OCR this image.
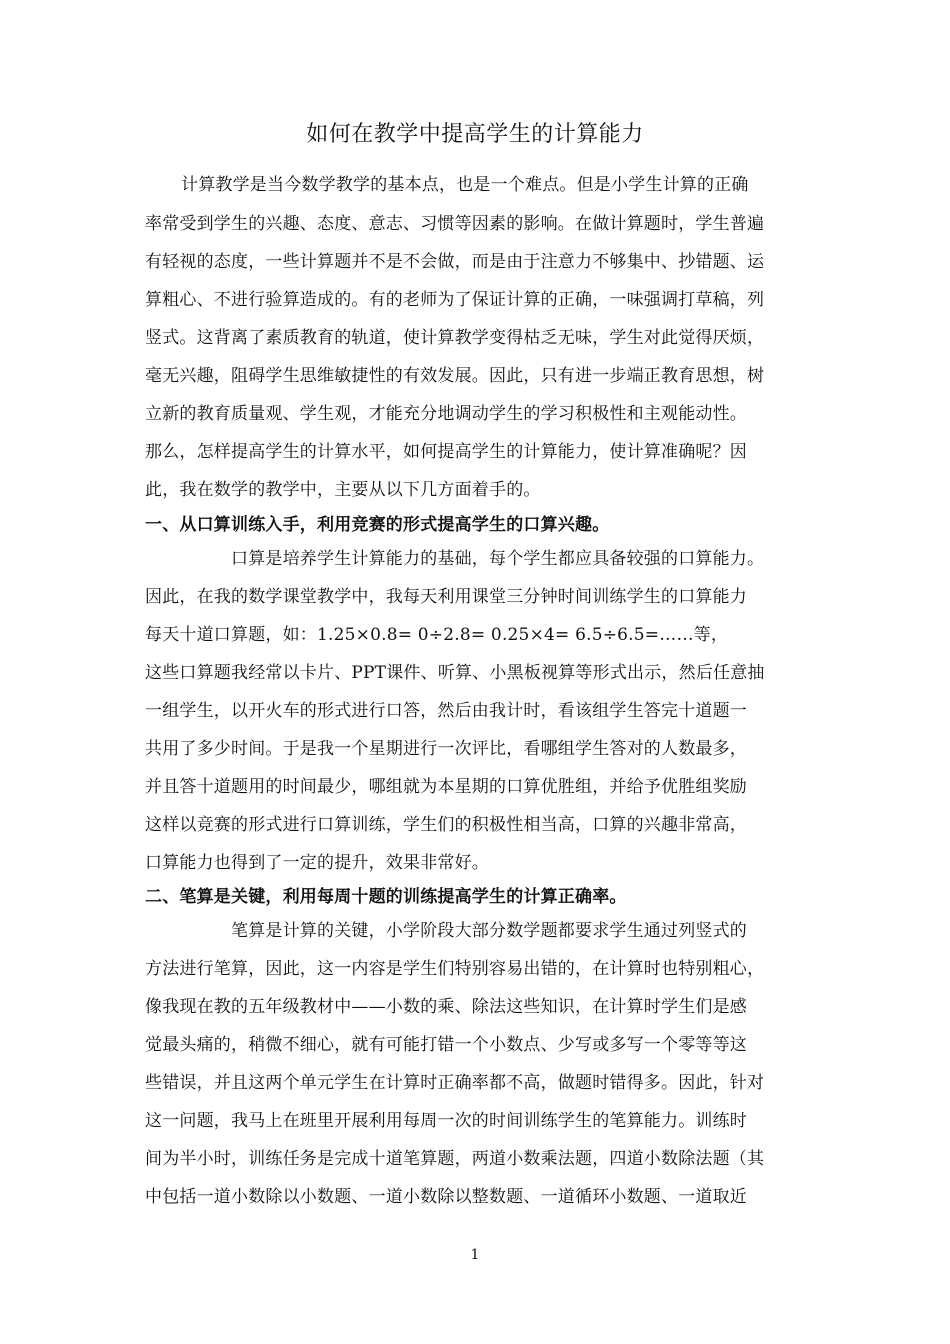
如何在教学中提高学生的计算能力
计算教学是当今数学教学的基本点，也是一个难点。但是小学生计算的正确
率常受到学生的兴趣、态度、意志、习惯等因素的影响。在做计算题时，学生普遍
有轻视的态度，一些计算题并不是不会做，而是由于注意力不够集中、抄错题、运
算粗心、不进行验算造成的。有的老师为了保证计算的正确，一味强调打草稿，列
竖式。这背离了素质教育的轨道，使计算教学变得枯乏无味，学生对此觉得厌烦，
毫无兴趣，阻碍学生思维敏捷性的有效发展。因此，只有进一步端正教育思想，树
立新的教育质量观、学生观，才能充分地调动学生的学习积极性和主观能动性。
那么，怎样提高学生的计算水平，如何提高学生的计算能力，使计算准确呢？因
此，我在数学的教学中，主要从以下几方面着手的。
一、从口算训练入手，利用竞赛的形式提高学生的口算兴趣。
口算是培养学生计算能力的基础，每个学生都应具备较强的口算能力。
因此，在我的数学课堂教学中，我每天利用课堂三分钟时间训练学生的口算能力
每天十道口算题，如：1.25×0.8= 0÷2.8= 0.25×4= 6.5÷6.5=……等，
这些口算题我经常以卡片、PPT课件、听算、小黑板视算等形式出示，然后任意抽
一组学生，以开火车的形式进行口答，然后由我计时，看该组学生答完十道题一
共用了多少时间。于是我一个星期进行一次评比，看哪组学生答对的人数最多，
并且答十道题用的时间最少，哪组就为本星期的口算优胜组，并给予优胜组奖励
这样以竞赛的形式进行口算训练，学生们的积极性相当高，口算的兴趣非常高，
口算能力也得到了一定的提升，效果非常好。
二、笔算是关键，利用每周十题的训练提高学生的计算正确率。
笔算是计算的关键，小学阶段大部分数学题都要求学生通过列竖式的
方法进行笔算，因此，这一内容是学生们特别容易出错的，在计算时也特别粗心，
像我现在教的五年级教材中——小数的乘、除法这些知识，在计算时学生们是感
觉最头痛的，稍微不细心，就有可能打错一个小数点、少写或多写一个零等等这
些错误，并且这两个单元学生在计算时正确率都不高，做题时错得多。因此，针对
这一问题，我马上在班里开展利用每周一次的时间训练学生的笔算能力。训练时
间为半小时，训练任务是完成十道笔算题，两道小数乘法题，四道小数除法题（其
中包括一道小数除以小数题、一道小数除以整数题、一道循环小数题、一道取近
1
